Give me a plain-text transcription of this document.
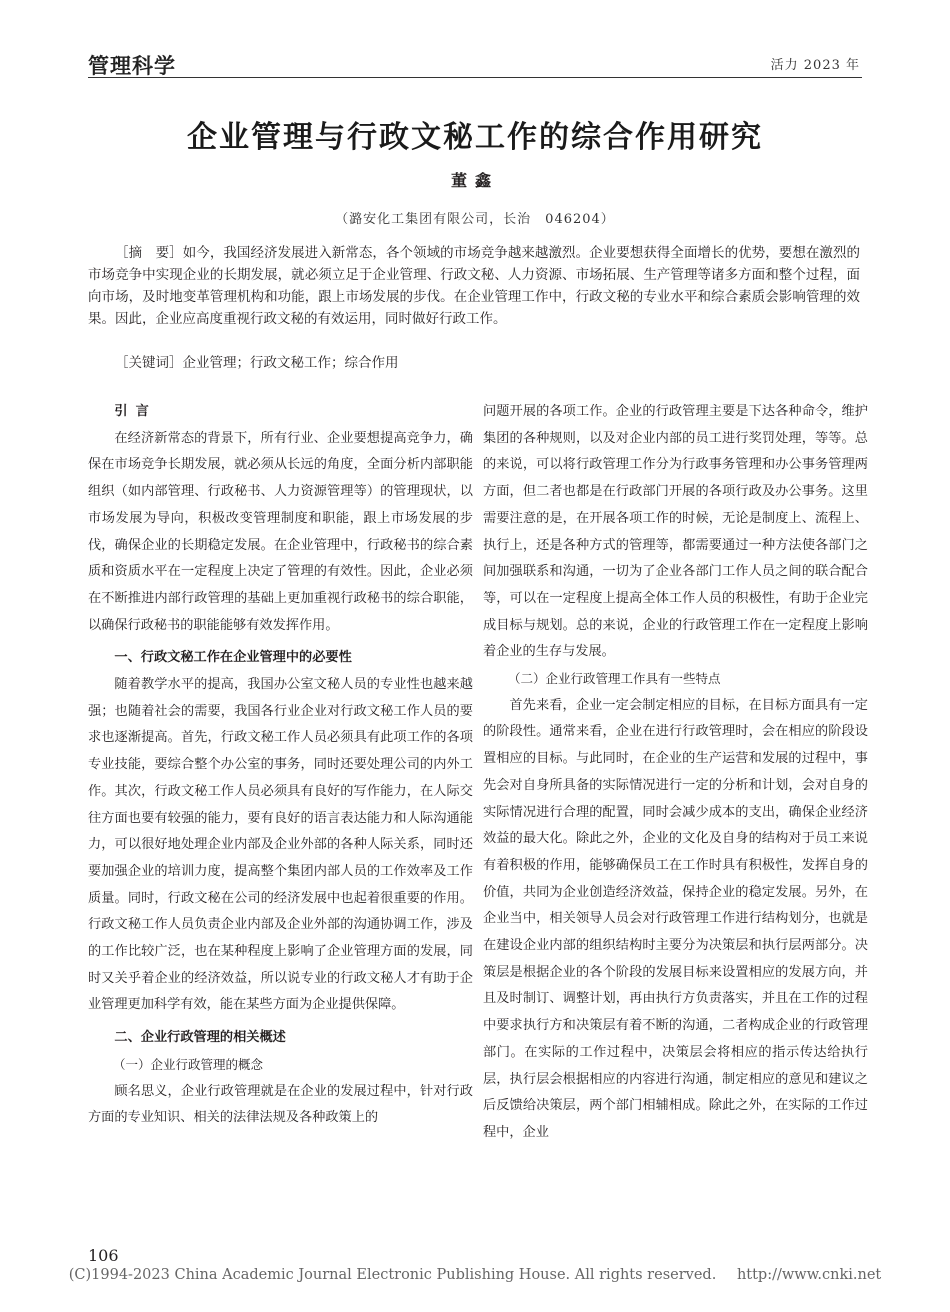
管理科学	活力 2023 年
企业管理与行政文秘工作的综合作用研究
董鑫
（潞安化工集团有限公司，长治　046204）

［摘　要］如今，我国经济发展进入新常态，各个领域的市场竞争越来越激烈。企业要想获得全面增长的优势，要想在激烈的市场竞争中实现企业的长期发展，就必须立足于企业管理、行政文秘、人力资源、市场拓展、生产管理等诸多方面和整个过程，面向市场，及时地变革管理机构和功能，跟上市场发展的步伐。在企业管理工作中，行政文秘的专业水平和综合素质会影响管理的效果。因此，企业应高度重视行政文秘的有效运用，同时做好行政工作。

［关键词］企业管理；行政文秘工作；综合作用

引言

在经济新常态的背景下，所有行业、企业要想提高竞争力，确保在市场竞争长期发展，就必须从长远的角度，全面分析内部职能组织（如内部管理、行政秘书、人力资源管理等）的管理现状，以市场发展为导向，积极改变管理制度和职能，跟上市场发展的步伐，确保企业的长期稳定发展。在企业管理中，行政秘书的综合素质和资质水平在一定程度上决定了管理的有效性。因此，企业必须在不断推进内部行政管理的基础上更加重视行政秘书的综合职能，以确保行政秘书的职能能够有效发挥作用。

一、行政文秘工作在企业管理中的必要性

随着教学水平的提高，我国办公室文秘人员的专业性也越来越强；也随着社会的需要，我国各行业企业对行政文秘工作人员的要求也逐渐提高。首先，行政文秘工作人员必须具有此项工作的各项专业技能，要综合整个办公室的事务，同时还要处理公司的内外工作。其次，行政文秘工作人员必须具有良好的写作能力，在人际交往方面也要有较强的能力，要有良好的语言表达能力和人际沟通能力，可以很好地处理企业内部及企业外部的各种人际关系，同时还要加强企业的培训力度，提高整个集团内部人员的工作效率及工作质量。同时，行政文秘在公司的经济发展中也起着很重要的作用。行政文秘工作人员负责企业内部及企业外部的沟通协调工作，涉及的工作比较广泛，也在某种程度上影响了企业管理方面的发展，同时又关乎着企业的经济效益，所以说专业的行政文秘人才有助于企业管理更加科学有效，能在某些方面为企业提供保障。

二、企业行政管理的相关概述
（一）企业行政管理的概念

顾名思义，企业行政管理就是在企业的发展过程中，针对行政方面的专业知识、相关的法律法规及各种政策上的

问题开展的各项工作。企业的行政管理主要是下达各种命令，维护集团的各种规则，以及对企业内部的员工进行奖罚处理，等等。总的来说，可以将行政管理工作分为行政事务管理和办公事务管理两方面，但二者也都是在行政部门开展的各项行政及办公事务。这里需要注意的是，在开展各项工作的时候，无论是制度上、流程上、执行上，还是各种方式的管理等，都需要通过一种方法使各部门之间加强联系和沟通，一切为了企业各部门工作人员之间的联合配合等，可以在一定程度上提高全体工作人员的积极性，有助于企业完成目标与规划。总的来说，企业的行政管理工作在一定程度上影响着企业的生存与发展。

（二）企业行政管理工作具有一些特点

首先来看，企业一定会制定相应的目标，在目标方面具有一定的阶段性。通常来看，企业在进行行政管理时，会在相应的阶段设置相应的目标。与此同时，在企业的生产运营和发展的过程中，事先会对自身所具备的实际情况进行一定的分析和计划，会对自身的实际情况进行合理的配置，同时会减少成本的支出，确保企业经济效益的最大化。除此之外，企业的文化及自身的结构对于员工来说有着积极的作用，能够确保员工在工作时具有积极性，发挥自身的价值，共同为企业创造经济效益，保持企业的稳定发展。另外，在企业当中，相关领导人员会对行政管理工作进行结构划分，也就是在建设企业内部的组织结构时主要分为决策层和执行层两部分。决策层是根据企业的各个阶段的发展目标来设置相应的发展方向，并且及时制订、调整计划，再由执行方负责落实，并且在工作的过程中要求执行方和决策层有着不断的沟通，二者构成企业的行政管理部门。在实际的工作过程中，决策层会将相应的指示传达给执行层，执行层会根据相应的内容进行沟通，制定相应的意见和建议之后反馈给决策层，两个部门相辅相成。除此之外，在实际的工作过程中，企业

106
(C)1994-2023 China Academic Journal Electronic Publishing House. All rights reserved. http://www.cnki.net
